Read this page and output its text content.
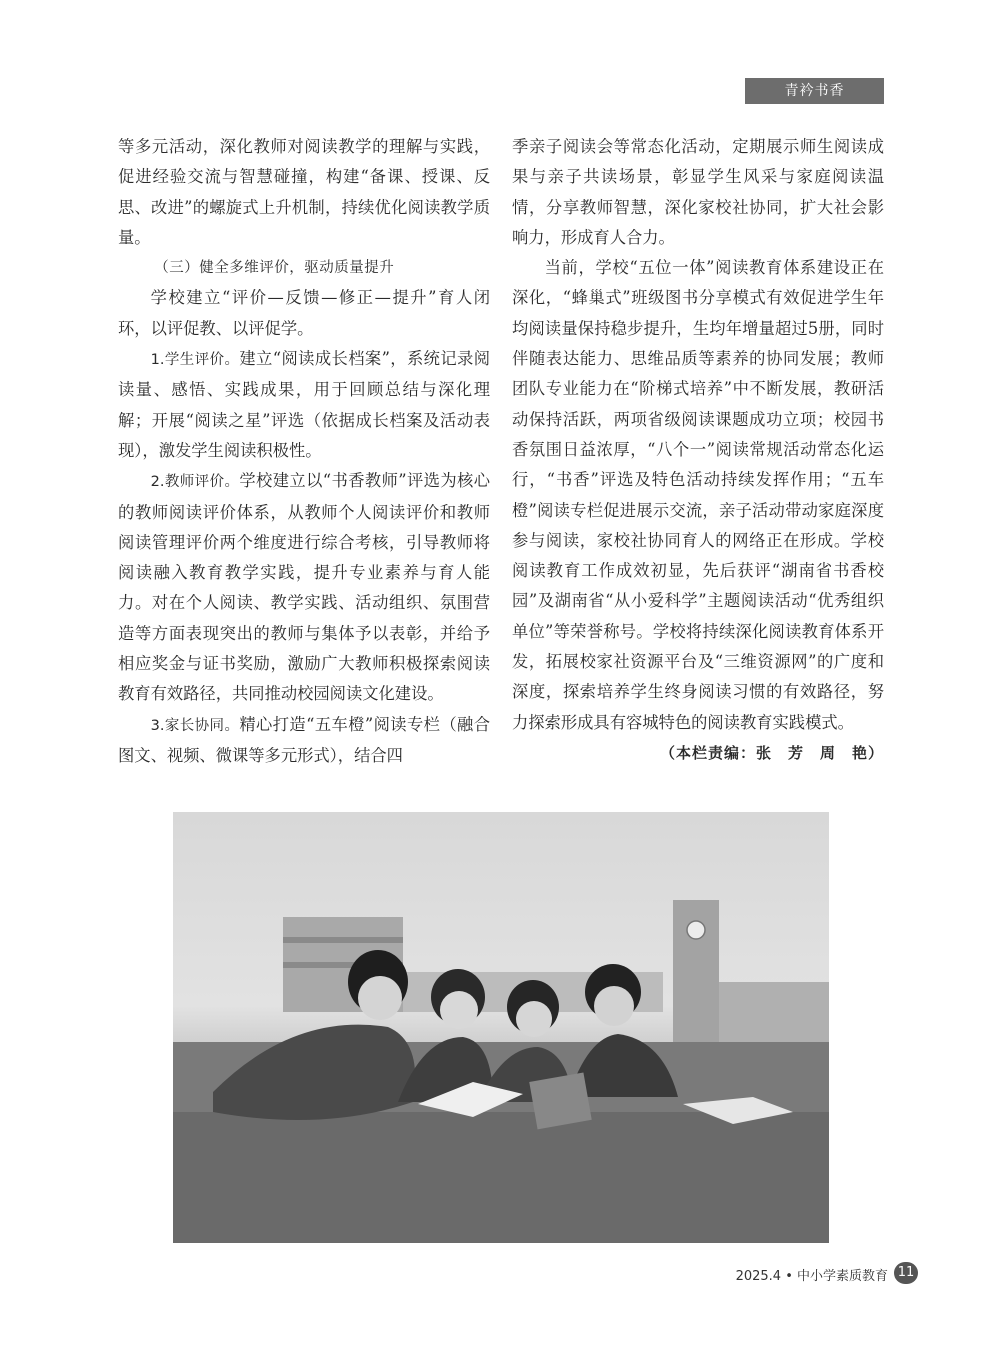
青衿书香

等多元活动，深化教师对阅读教学的理解与实践，促进经验交流与智慧碰撞，构建“备课、授课、反思、改进”的螺旋式上升机制，持续优化阅读教学质量。

（三）健全多维评价，驱动质量提升

学校建立“评价—反馈—修正—提升”育人闭环，以评促教、以评促学。

1.学生评价。建立“阅读成长档案”，系统记录阅读量、感悟、实践成果，用于回顾总结与深化理解；开展“阅读之星”评选（依据成长档案及活动表现），激发学生阅读积极性。

2.教师评价。学校建立以“书香教师”评选为核心的教师阅读评价体系，从教师个人阅读评价和教师阅读管理评价两个维度进行综合考核，引导教师将阅读融入教育教学实践，提升专业素养与育人能力。对在个人阅读、教学实践、活动组织、氛围营造等方面表现突出的教师与集体予以表彰，并给予相应奖金与证书奖励，激励广大教师积极探索阅读教育有效路径，共同推动校园阅读文化建设。

3.家长协同。精心打造“五车橙”阅读专栏（融合图文、视频、微课等多元形式），结合四

季亲子阅读会等常态化活动，定期展示师生阅读成果与亲子共读场景，彰显学生风采与家庭阅读温情，分享教师智慧，深化家校社协同，扩大社会影响力，形成育人合力。

当前，学校“五位一体”阅读教育体系建设正在深化，“蜂巢式”班级图书分享模式有效促进学生年均阅读量保持稳步提升，生均年增量超过5册，同时伴随表达能力、思维品质等素养的协同发展；教师团队专业能力在“阶梯式培养”中不断发展，教研活动保持活跃，两项省级阅读课题成功立项；校园书香氛围日益浓厚，“八个一”阅读常规活动常态化运行，“书香”评选及特色活动持续发挥作用；“五车橙”阅读专栏促进展示交流，亲子活动带动家庭深度参与阅读，家校社协同育人的网络正在形成。学校阅读教育工作成效初显，先后获评“湖南省书香校园”及湖南省“从小爱科学”主题阅读活动“优秀组织单位”等荣誉称号。学校将持续深化阅读教育体系开发，拓展校家社资源平台及“三维资源网”的广度和深度，探索培养学生终身阅读习惯的有效路径，努力探索形成具有容城特色的阅读教育实践模式。

（本栏责编：张　芳　周　艳）

2025.4 • 中小学素质教育 11
